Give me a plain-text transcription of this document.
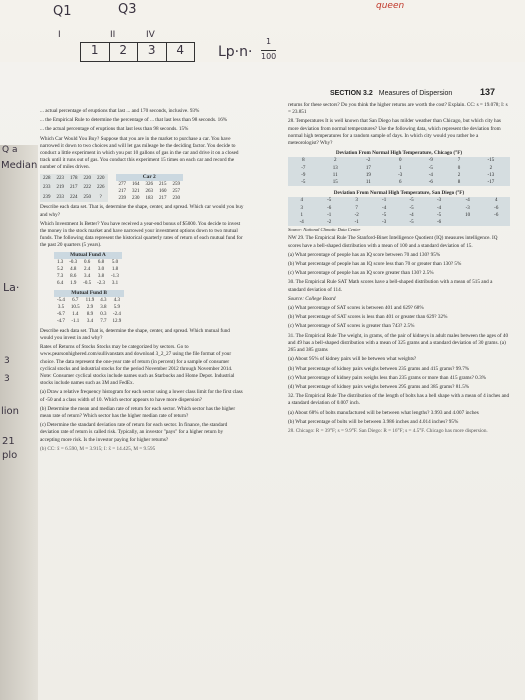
Q1	Q3	queen
I	II	IV
1	2	3	4	Lp·n·
1
100
Q a
Median
La·
3
3
lion
21
plo
SECTION 3.2 Measures of Dispersion	137

... actual percentage of eruptions that last ... and 170 seconds, inclusive. 93%

... the Empirical Rule to determine the percentage of ... that last less than 98 seconds. 16%

... the actual percentage of eruptions that last less than 98 seconds. 15%

Which Car Would You Buy? Suppose that you are in the market to purchase a car. You have narrowed it down to two choices and will let gas mileage be the deciding factor. You decide to conduct a little experiment in which you put 10 gallons of gas in the car and drive it on a closed track until it runs out of gas. You conduct this experiment 15 times on each car and record the number of miles driven.

228	223	178	220	220
233	219	217	222	226
239	233	224	250	?
Car 2				
277	164	326	215	259
217	321	263	160	257
239	230	183	217	230

Describe each data set. That is, determine the shape, center, and spread. Which car would you buy and why?

Which Investment Is Better? You have received a year-end bonus of $5000. You decide to invest the money in the stock market and have narrowed your investment options down to two mutual funds. The following data represent the historical quarterly rates of return of each mutual fund for the past 20 quarters (5 years).

Mutual Fund A				
1.3	-0.3	0.6	6.8	5.0
5.2	4.8	2.4	3.0	1.8
7.3	8.6	3.4	3.8	-1.3
6.4	1.9	-0.5	-2.3	3.1
Mutual Fund B				
-5.4	6.7	11.9	4.3	4.3
3.5	10.5	2.9	3.8	5.9
-6.7	1.4	8.9	0.3	-2.4
-4.7	-1.1	3.4	7.7	12.9

Describe each data set. That is, determine the shape, center, and spread. Which mutual fund would you invest in and why?

Rates of Returns of Stocks Stocks may be categorized by sectors. Go to www.pearsonhighered.com/sullivanstats and download 3_2_27 using the file format of your choice. The data represent the one-year rate of return (in percent) for a sample of consumer cyclical stocks and industrial stocks for the period November 2012 through November 2014. Note: Consumer cyclical stocks include names such as Starbucks and Home Depot. Industrial stocks include names such as 3M and FedEx.

(a) Draw a relative frequency histogram for each sector using a lower class limit for the first class of -50 and a class width of 10. Which sector appears to have more dispersion?

(b) Determine the mean and median rate of return for each sector. Which sector has the higher mean rate of return? Which sector has the higher median rate of return?

(c) Determine the standard deviation rate of return for each sector. In finance, the standard deviation rate of return is called risk. Typically, an investor "pays" for a higher return by accepting more risk. Is the investor paying for higher returns?

(b) CC: x̄ = 6.590, M = 3.915; I: x̄ = 14.425, M = 9.595

returns for these sectors? Do you think the higher returns are worth the cost? Explain. CC: s = 19.078; I: s = 23.851

28. Temperatures It is well known that San Diego has milder weather than Chicago, but which city has more deviation from normal temperatures? Use the following data, which represent the deviation from normal high temperatures for a random sample of days. In which city would you rather be a meteorologist? Why?

Deviation From Normal High Temperature, Chicago (°F)
8	2	-2	0	-9	7	-15
-7	13	17	1	-5	0	2
-9	11	19	-3	-4	2	-13
-5	15	11	6	-6	8	-17
Deviation From Normal High Temperature, San Diego (°F)
4	-5	3	-1	-5	-3	-4	4
3	-6	7	-4	-5	-4	-3	-6
1	-1	-2	-5	-4	-5	10	-6
-4	-2	-1	-3	-5	-6		

Source: National Climatic Data Center

NW 29. The Empirical Rule The Stanford-Binet Intelligence Quotient (IQ) measures intelligence. IQ scores have a bell-shaped distribution with a mean of 100 and a standard deviation of 15.

(a) What percentage of people has an IQ score between 70 and 130? 95%

(b) What percentage of people has an IQ score less than 70 or greater than 130? 5%

(c) What percentage of people has an IQ score greater than 130? 2.5%

30. The Empirical Rule SAT Math scores have a bell-shaped distribution with a mean of 515 and a standard deviation of 114.

Source: College Board

(a) What percentage of SAT scores is between 401 and 629? 68%

(b) What percentage of SAT scores is less than 401 or greater than 629? 32%

(c) What percentage of SAT scores is greater than 743? 2.5%

31. The Empirical Rule The weight, in grams, of the pair of kidneys in adult males between the ages of 40 and 49 has a bell-shaped distribution with a mean of 325 grams and a standard deviation of 30 grams. (a) 265 and 385 grams

(a) About 95% of kidney pairs will be between what weights?

(b) What percentage of kidney pairs weighs between 235 grams and 415 grams? 99.7%

(c) What percentage of kidney pairs weighs less than 235 grams or more than 415 grams? 0.3%

(d) What percentage of kidney pairs weighs between 295 grams and 385 grams? 81.5%

32. The Empirical Rule The distribution of the length of bolts has a bell shape with a mean of 4 inches and a standard deviation of 0.007 inch.

(a) About 68% of bolts manufactured will be between what lengths? 3.993 and 4.007 inches

(b) What percentage of bolts will be between 3.986 inches and 4.014 inches? 95%

28. Chicago: R = 39°F; s = 9.9°F. San Diego: R = 16°F; s = 4.5°F. Chicago has more dispersion.
